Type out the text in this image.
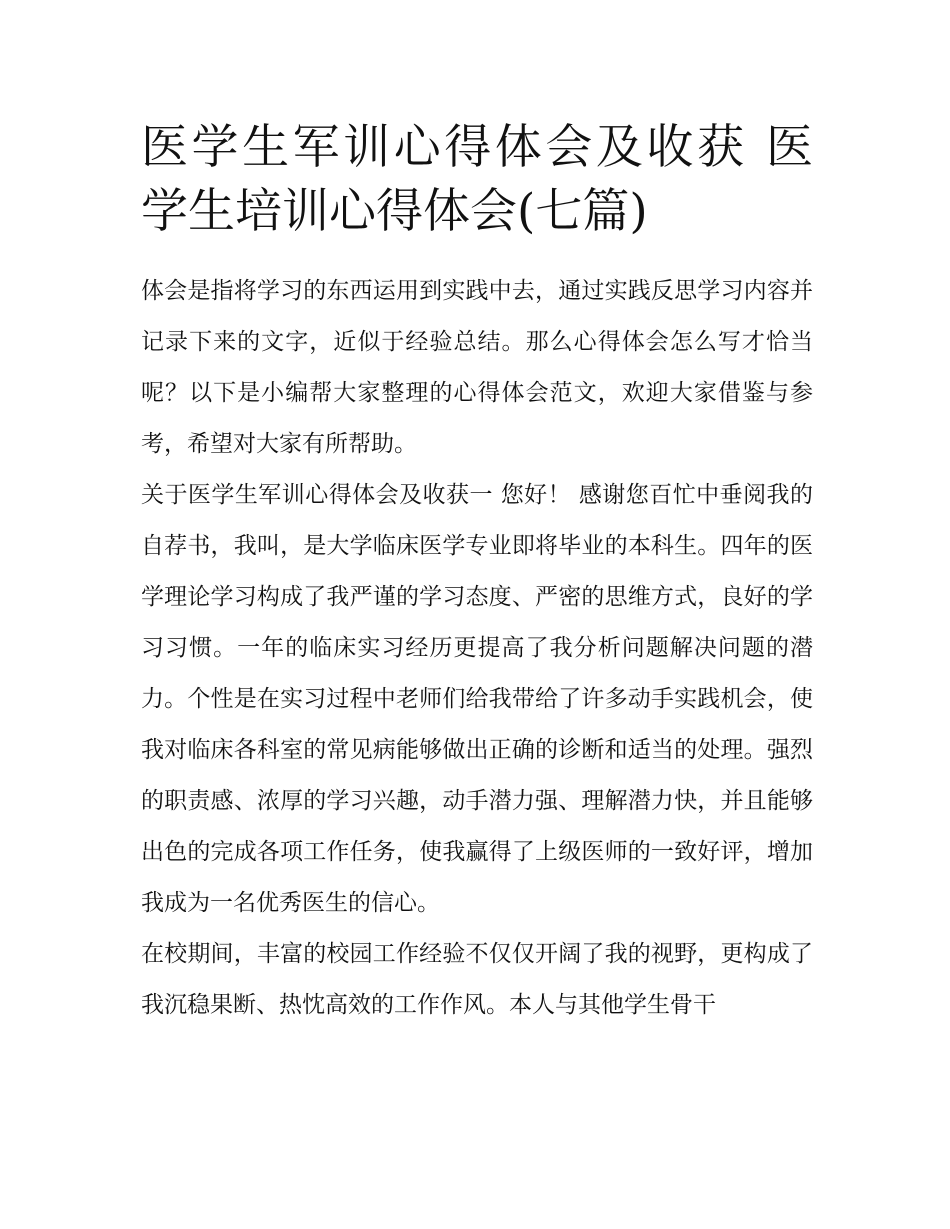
医学生军训心得体会及收获 医学生培训心得体会(七篇)

体会是指将学习的东西运用到实践中去，通过实践反思学习内容并记录下来的文字，近似于经验总结。那么心得体会怎么写才恰当呢？以下是小编帮大家整理的心得体会范文，欢迎大家借鉴与参考，希望对大家有所帮助。

关于医学生军训心得体会及收获一 您好！ 感谢您百忙中垂阅我的自荐书，我叫，是大学临床医学专业即将毕业的本科生。四年的医学理论学习构成了我严谨的学习态度、严密的思维方式，良好的学习习惯。一年的临床实习经历更提高了我分析问题解决问题的潜力。个性是在实习过程中老师们给我带给了许多动手实践机会，使我对临床各科室的常见病能够做出正确的诊断和适当的处理。强烈的职责感、浓厚的学习兴趣，动手潜力强、理解潜力快，并且能够出色的完成各项工作任务，使我赢得了上级医师的一致好评，增加我成为一名优秀医生的信心。

在校期间，丰富的校园工作经验不仅仅开阔了我的视野，更构成了我沉稳果断、热忱高效的工作作风。本人与其他学生骨干
